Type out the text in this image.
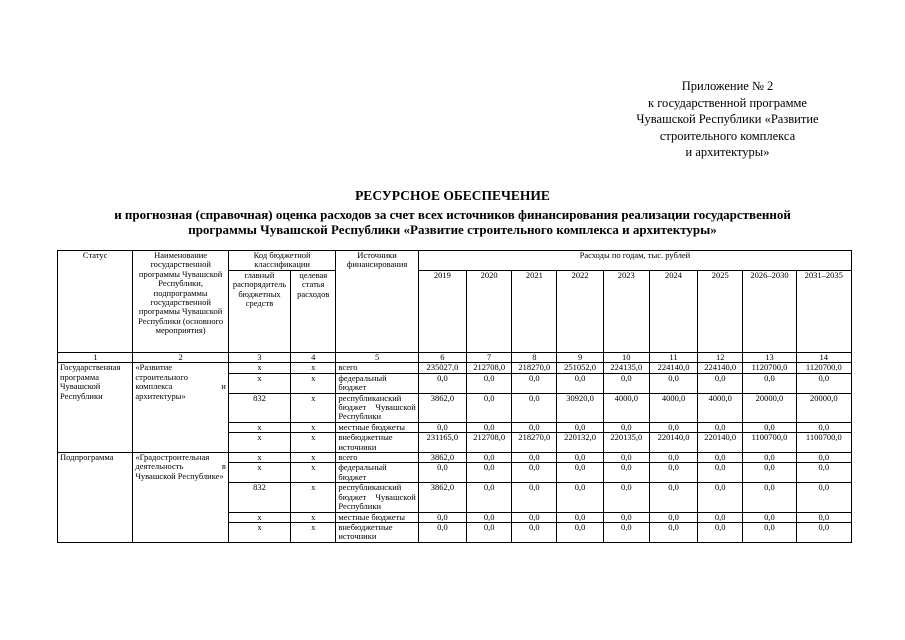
Приложение № 2
к государственной программе
Чувашской Республики «Развитие
строительного комплекса
и архитектуры»
РЕСУРСНОЕ ОБЕСПЕЧЕНИЕ
и прогнозная (справочная) оценка расходов за счет всех источников финансирования реализации государственной
программы Чувашской Республики «Развитие строительного комплекса и архитектуры»
Статус	Наименование государственной программы Чувашской Республики, подпрограммы государственной программы Чувашской Республики (основного мероприятия)	Код бюджетной классификации		Источники финансирования	Расходы по годам, тыс. рублей								
		главный распорядитель бюджетных средств	целевая статья расходов		2019	2020	2021	2022	2023	2024	2025	2026–2030	2031–2035
1	2	3	4	5	6	7	8	9	10	11	12	13	14
Государственная программа Чувашской Республики	«Развитие строительного комплекса и архитектуры»	х	х	всего	235027,0	212708,0	218270,0	251052,0	224135,0	224140,0	224140,0	1120700,0	1120700,0
		х	х	федеральный бюджет	0,0	0,0	0,0	0,0	0,0	0,0	0,0	0,0	0,0
		832	х	республиканский бюджет Чувашской Республики	3862,0	0,0	0,0	30920,0	4000,0	4000,0	4000,0	20000,0	20000,0
		х	х	местные бюджеты	0,0	0,0	0,0	0,0	0,0	0,0	0,0	0,0	0,0
		х	х	внебюджетные источники	231165,0	212708,0	218270,0	220132,0	220135,0	220140,0	220140,0	1100700,0	1100700,0
Подпрограмма	«Градостроительная деятельность в Чувашской Республике»	х	х	всего	3862,0	0,0	0,0	0,0	0,0	0,0	0,0	0,0	0,0
		х	х	федеральный бюджет	0,0	0,0	0,0	0,0	0,0	0,0	0,0	0,0	0,0
		832	х	республиканский бюджет Чувашской Республики	3862,0	0,0	0,0	0,0	0,0	0,0	0,0	0,0	0,0
		х	х	местные бюджеты	0,0	0,0	0,0	0,0	0,0	0,0	0,0	0,0	0,0
		х	х	внебюджетные источники	0,0	0,0	0,0	0,0	0,0	0,0	0,0	0,0	0,0
